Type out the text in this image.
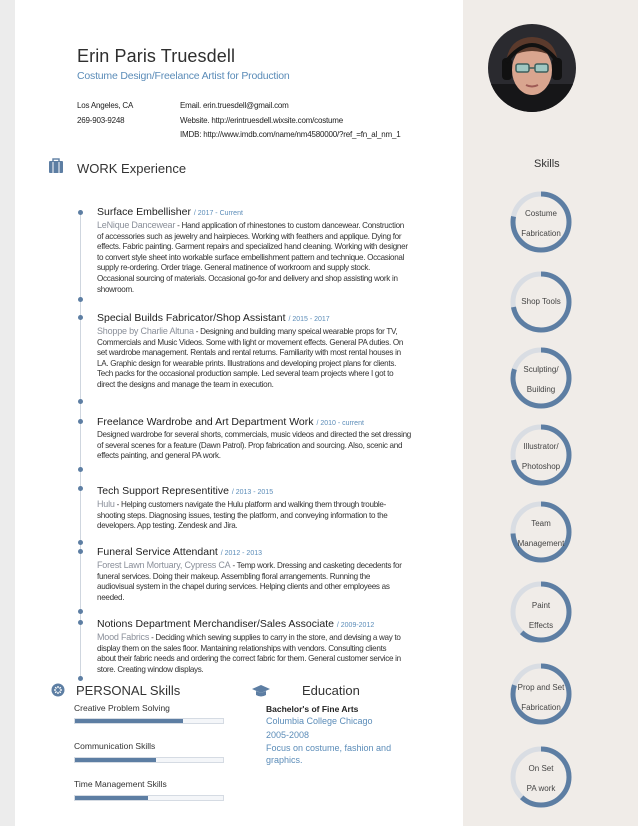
Erin Paris Truesdell
Costume Design/Freelance Artist for Production
Los Angeles, CA
269-903-9248
Email. erin.truesdell@gmail.com
Website. http://erintruesdell.wixsite.com/costume
IMDB: http://www.imdb.com/name/nm4580000/?ref_=fn_al_nm_1
WORK Experience
Surface Embellisher / 2017 - Current
LeNique Dancewear - Hand application of rhinestones to custom dancewear. Construction
of accessories such as jewelry and hairpieces. Working with feathers and applique. Dying for
effects. Fabric painting. Garment repairs and specialized hand cleaning. Working with designer
to convert style sheet into workable surface embellishment pattern and technique. Occasional
supply re-ordering. Order triage. General matinence of workroom and supply stock.
Occasional sourcing of materials. Occasional go-for and delivery and shop assisting work in
showroom.
Special Builds Fabricator/Shop Assistant / 2015 - 2017
Shoppe by Charlie Altuna - Designing and building many speical wearable props for TV,
Commercials and Music Videos. Some with light or movement effects. General PA duties. On
set wardrobe management. Rentals and rental returns. Familiarity with most rental houses in
LA. Graphic design for wearable prints. Illustrations and developing project plans for clients.
Tech packs for the occasional production sample. Led several team projects where I got to
direct the designs and manage the team in execution.
Freelance Wardrobe and Art Department Work / 2010 - current
Designed wardrobe for several shorts, commercials, music videos and directed the set dressing
of several scenes for a feature (Dawn Patrol). Prop fabrication and sourcing. Also, scenic and
effects painting, and general PA work.
Tech Support Representitive / 2013 - 2015
Hulu - Helping customers navigate the Hulu platform and walking them through trouble-
shooting steps. Diagnosing issues, testing the platform, and conveying information to the
developers. App testing. Zendesk and Jira.
Funeral Service Attendant / 2012 - 2013
Forest Lawn Mortuary, Cypress CA - Temp work. Dressing and casketing decedents for
funeral services. Doing their makeup. Assembling floral arrangements. Running the
audiovisual system in the chapel during services. Helping clients and other employees as
needed.
Notions Department Merchandiser/Sales Associate / 2009-2012
Mood Fabrics - Deciding which sewing supplies to carry in the store, and devising a way to
display them on the sales floor. Mantaining relationships with vendors. Consulting clients
about their fabric needs and ordering the correct fabric for them. General customer service in
store. Creating window displays.
PERSONAL Skills
Creative Problem Solving
Communication Skills
Time Management Skills
Education
Bachelor's of Fine Arts
Columbia College Chicago
2005-2008
Focus on costume, fashion and
graphics.
Skills
Costume
Fabrication
Shop Tools
Sculpting/
Building
Illustrator/
Photoshop
Team
Management
Paint
Effects
Prop and Set
Fabrication
On Set
PA work
